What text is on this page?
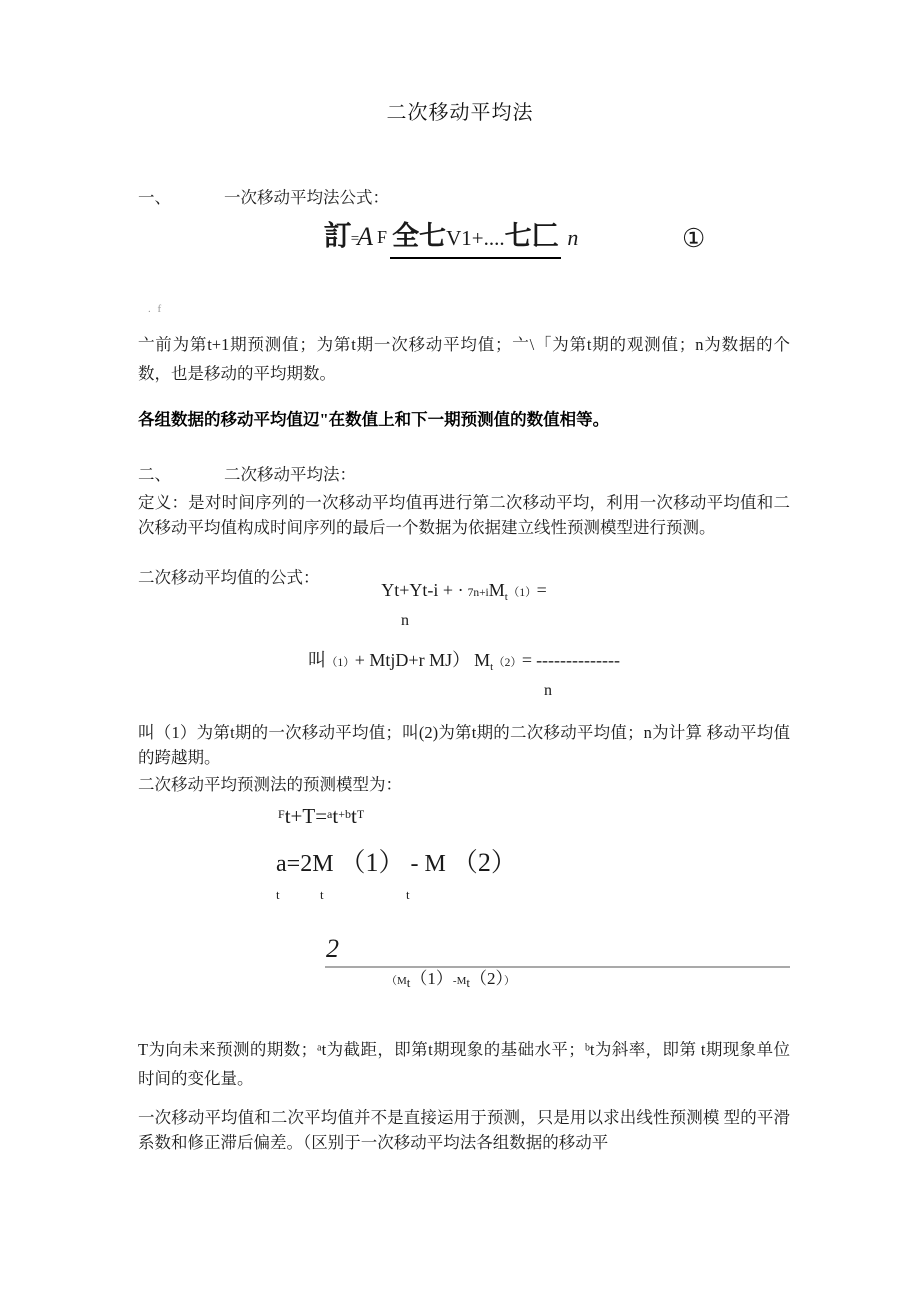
二次移动平均法
一、	一次移动平均法公式：
訂=A F 全七V1+....七匚 n	①
. f
亠前为第t+1期预测值；为第t期一次移动平均值；亠\「为第t期的观测值；n为数据的个数，也是移动的平均期数。
各组数据的移动平均值辺"在数值上和下一期预测值的数值相等。
二、	二次移动平均法：
定义：是对时间序列的一次移动平均值再进行第二次移动平均，利用一次移动平均值和二次移动平均值构成时间序列的最后一个数据为依据建立线性预测模型进行预测。
二次移动平均值的公式：
Yt+Yt-i + · $7n+iM_t(1)=$
n
叫（1）+ MtjD+r MJ） $M_t(2)=$ --------------
n
叫（1）为第t期的一次移动平均值；叫(2)为第t期的二次移动平均值；n为计算 移动平均值的跨越期。
二次移动平均预测法的预测模型为：
$^Ft+T=^at^{+b}t^T$
a=2M （1） - M （2）
t	t	t
2
（Mt（1）-Mt（2））
T为向未来预测的期数；ᵃt为截距，即第t期现象的基础水平；ᵇt为斜率，即第 t期现象单位时间的变化量。
一次移动平均值和二次平均值并不是直接运用于预测，只是用以求出线性预测模 型的平滑系数和修正滞后偏差。（区别于一次移动平均法各组数据的移动平
